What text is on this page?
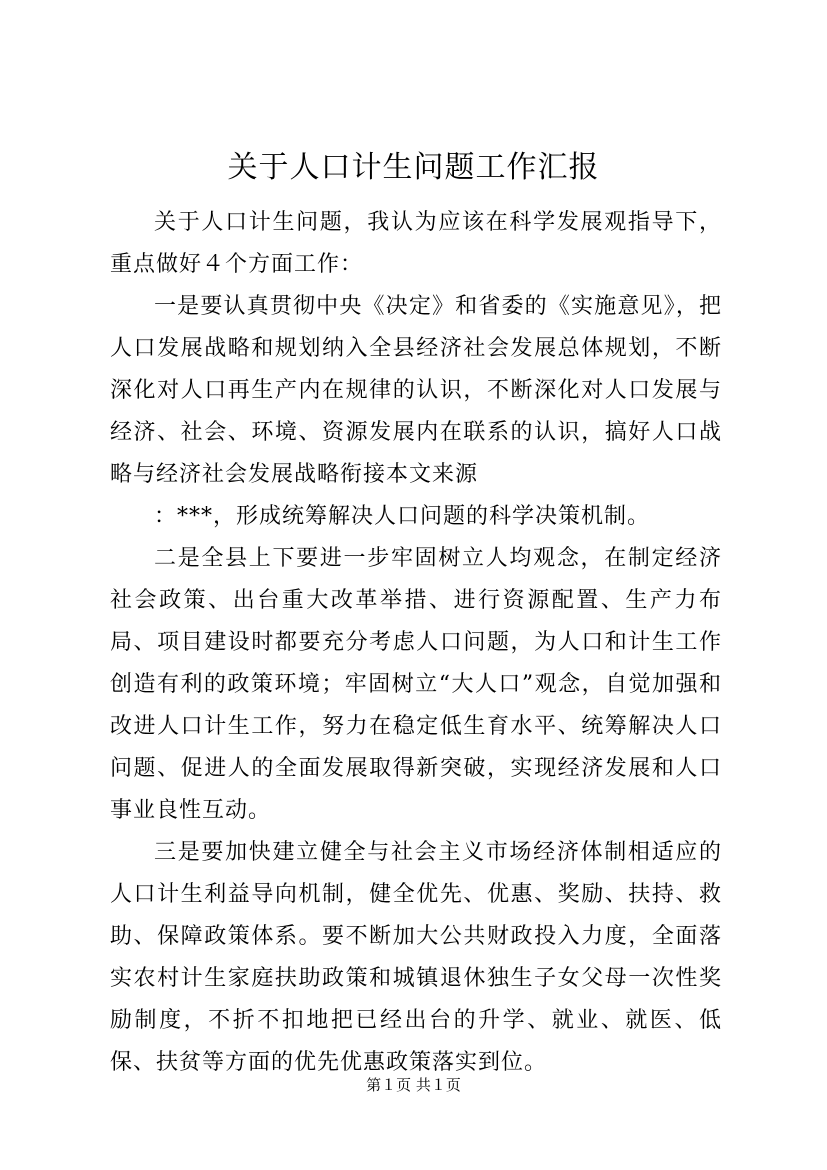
关于人口计生问题工作汇报

关于人口计生问题，我认为应该在科学发展观指导下，重点做好４个方面工作：

一是要认真贯彻中央《决定》和省委的《实施意见》，把人口发展战略和规划纳入全县经济社会发展总体规划，不断深化对人口再生产内在规律的认识，不断深化对人口发展与经济、社会、环境、资源发展内在联系的认识，搞好人口战略与经济社会发展战略衔接本文来源

：***，形成统筹解决人口问题的科学决策机制。

二是全县上下要进一步牢固树立人均观念，在制定经济社会政策、出台重大改革举措、进行资源配置、生产力布局、项目建设时都要充分考虑人口问题，为人口和计生工作创造有利的政策环境；牢固树立“大人口”观念，自觉加强和改进人口计生工作，努力在稳定低生育水平、统筹解决人口问题、促进人的全面发展取得新突破，实现经济发展和人口事业良性互动。

三是要加快建立健全与社会主义市场经济体制相适应的人口计生利益导向机制，健全优先、优惠、奖励、扶持、救助、保障政策体系。要不断加大公共财政投入力度，全面落实农村计生家庭扶助政策和城镇退休独生子女父母一次性奖励制度，不折不扣地把已经出台的升学、就业、就医、低保、扶贫等方面的优先优惠政策落实到位。

第１页 共１页
